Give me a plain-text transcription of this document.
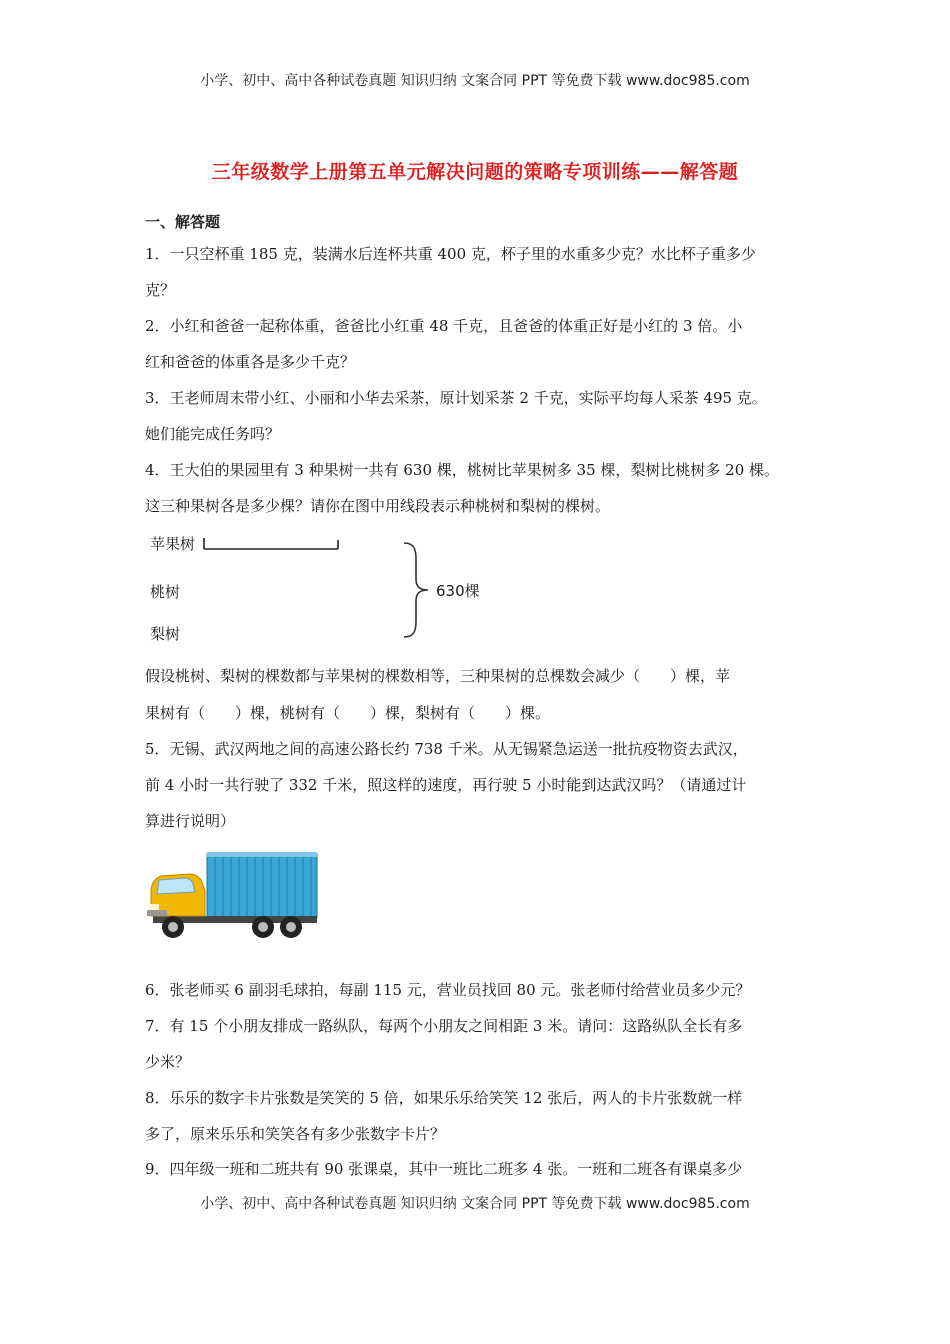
小学、初中、高中各种试卷真题 知识归纳 文案合同 PPT 等免费下载 www.doc985.com
三年级数学上册第五单元解决问题的策略专项训练——解答题
一、解答题
1．一只空杯重 185 克，装满水后连杯共重 400 克，杯子里的水重多少克？水比杯子重多少
克？
2．小红和爸爸一起称体重，爸爸比小红重 48 千克，且爸爸的体重正好是小红的 3 倍。小
红和爸爸的体重各是多少千克？
3．王老师周末带小红、小丽和小华去采茶，原计划采茶 2 千克，实际平均每人采茶 495 克。
她们能完成任务吗？
4．王大伯的果园里有 3 种果树一共有 630 棵，桃树比苹果树多 35 棵，梨树比桃树多 20 棵。
这三种果树各是多少棵？请你在图中用线段表示种桃树和梨树的棵树。
苹果树
桃树
梨树
630棵
假设桃树、梨树的棵数都与苹果树的棵数相等，三种果树的总棵数会减少（　　）棵，苹
果树有（　　）棵，桃树有（　　）棵，梨树有（　　）棵。
5．无锡、武汉两地之间的高速公路长约 738 千米。从无锡紧急运送一批抗疫物资去武汉，
前 4 小时一共行驶了 332 千米，照这样的速度，再行驶 5 小时能到达武汉吗？（请通过计
算进行说明）
6．张老师买 6 副羽毛球拍，每副 115 元，营业员找回 80 元。张老师付给营业员多少元？
7．有 15 个小朋友排成一路纵队，每两个小朋友之间相距 3 米。请问：这路纵队全长有多
少米？
8．乐乐的数字卡片张数是笑笑的 5 倍，如果乐乐给笑笑 12 张后，两人的卡片张数就一样
多了，原来乐乐和笑笑各有多少张数字卡片？
9．四年级一班和二班共有 90 张课桌，其中一班比二班多 4 张。一班和二班各有课桌多少
小学、初中、高中各种试卷真题 知识归纳 文案合同 PPT 等免费下载 www.doc985.com
